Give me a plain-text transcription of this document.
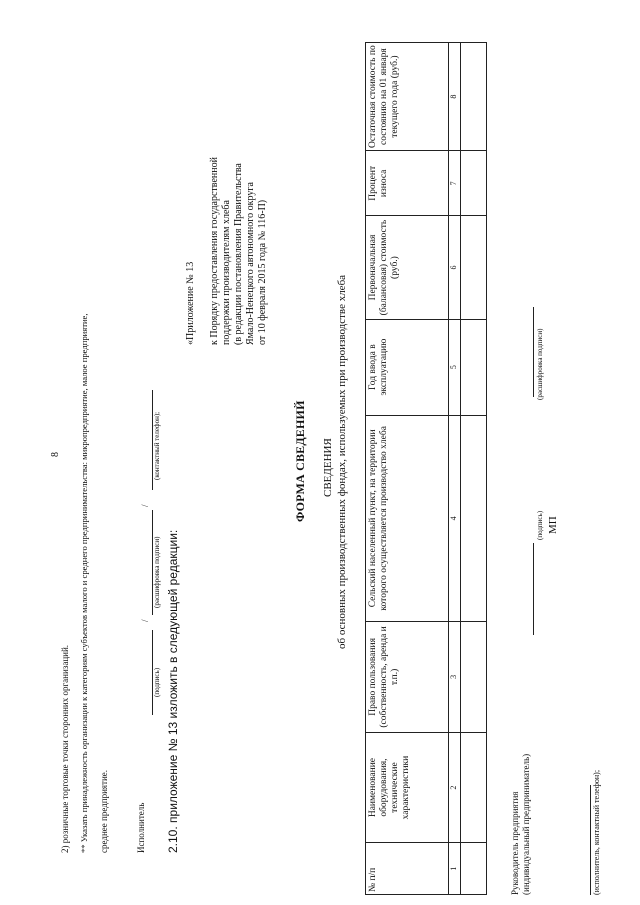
8
2) розничные торговые точки сторонних организаций. ** Указать принадлежность организации к категориям субъектов малого и среднего предпринимательства: микропредприятие, малое предприятие, среднее предприятие.	Исполнитель
/
/
(подпись)
(расшифровка подписи)
(контактный телефон);
2.10. приложение № 13 изложить в следующей редакции:
«Приложение № 13 к Порядку предоставления государственной поддержки производителям хлеба (в редакции постановления Правительства Ямало-Ненецкого автономного округа от 10 февраля 2015 года № 116-П)
ФОРМА СВЕДЕНИЙ СВЕДЕНИЯ об основных производственных фондах, используемых при производстве хлеба
№ п/п	Наименование оборудования, технические характеристики	Право пользования (собственность, аренда и т.п.)	Сельский населенный пункт, на территории которого осуществляется производство хлеба	Год ввода в эксплуатацию	Первоначальная (балансовая) стоимость (руб.)	Процент износа	Остаточная стоимость по состоянию на 01 января текущего года (руб.)
1	2	3	4	5	6	7	8

Руководитель предприятия (индивидуальный предприниматель)
(подпись)
(расшифровка подписи)
МП
(исполнитель, контактный телефон);
